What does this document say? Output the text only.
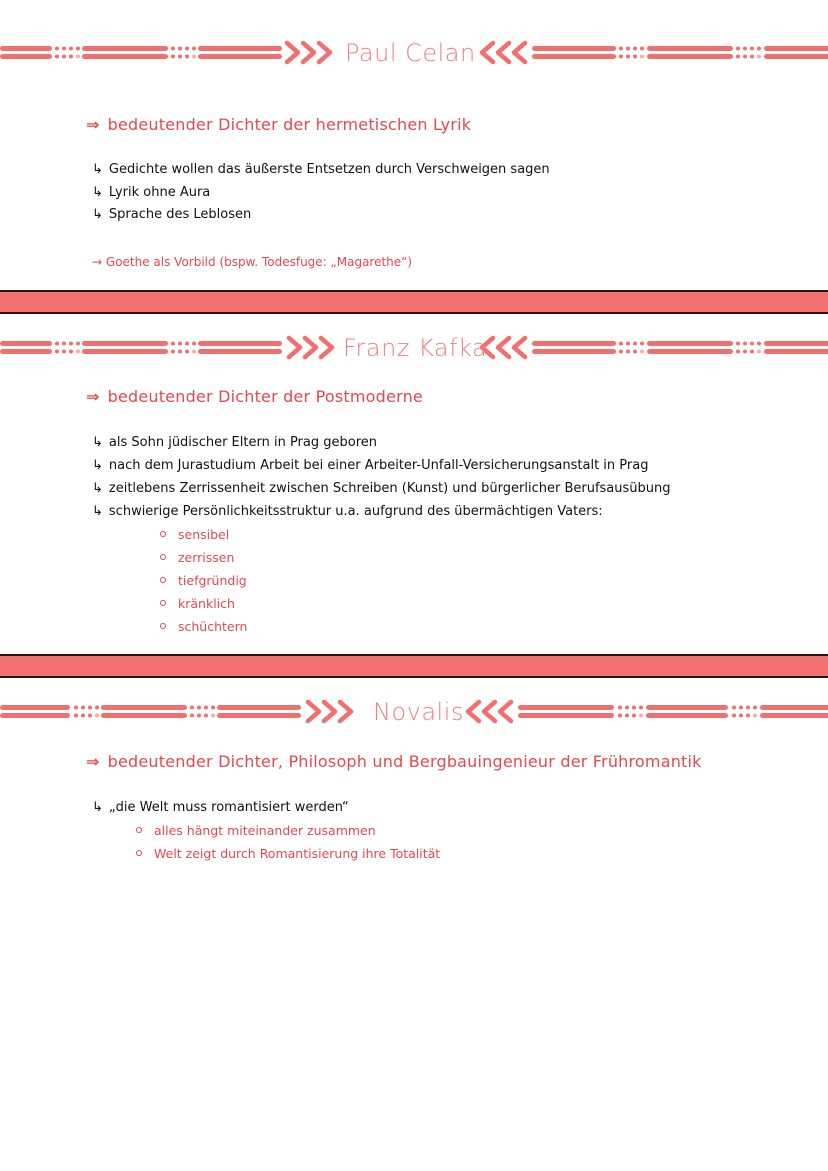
Paul Celan
⇒ bedeutender Dichter der hermetischen Lyrik
↳ Gedichte wollen das äußerste Entsetzen durch Verschweigen sagen
↳ Lyrik ohne Aura
↳ Sprache des Leblosen
→ Goethe als Vorbild (bspw. Todesfuge: „Magarethe“)
Franz Kafka
⇒ bedeutender Dichter der Postmoderne
↳ als Sohn jüdischer Eltern in Prag geboren
↳ nach dem Jurastudium Arbeit bei einer Arbeiter-Unfall-Versicherungsanstalt in Prag
↳ zeitlebens Zerrissenheit zwischen Schreiben (Kunst) und bürgerlicher Berufsausübung
↳ schwierige Persönlichkeitsstruktur u.a. aufgrund des übermächtigen Vaters:
sensibel
zerrissen
tiefgründig
kränklich
schüchtern
Novalis
⇒ bedeutender Dichter, Philosoph und Bergbauingenieur der Frühromantik
↳ „die Welt muss romantisiert werden“
alles hängt miteinander zusammen
Welt zeigt durch Romantisierung ihre Totalität
